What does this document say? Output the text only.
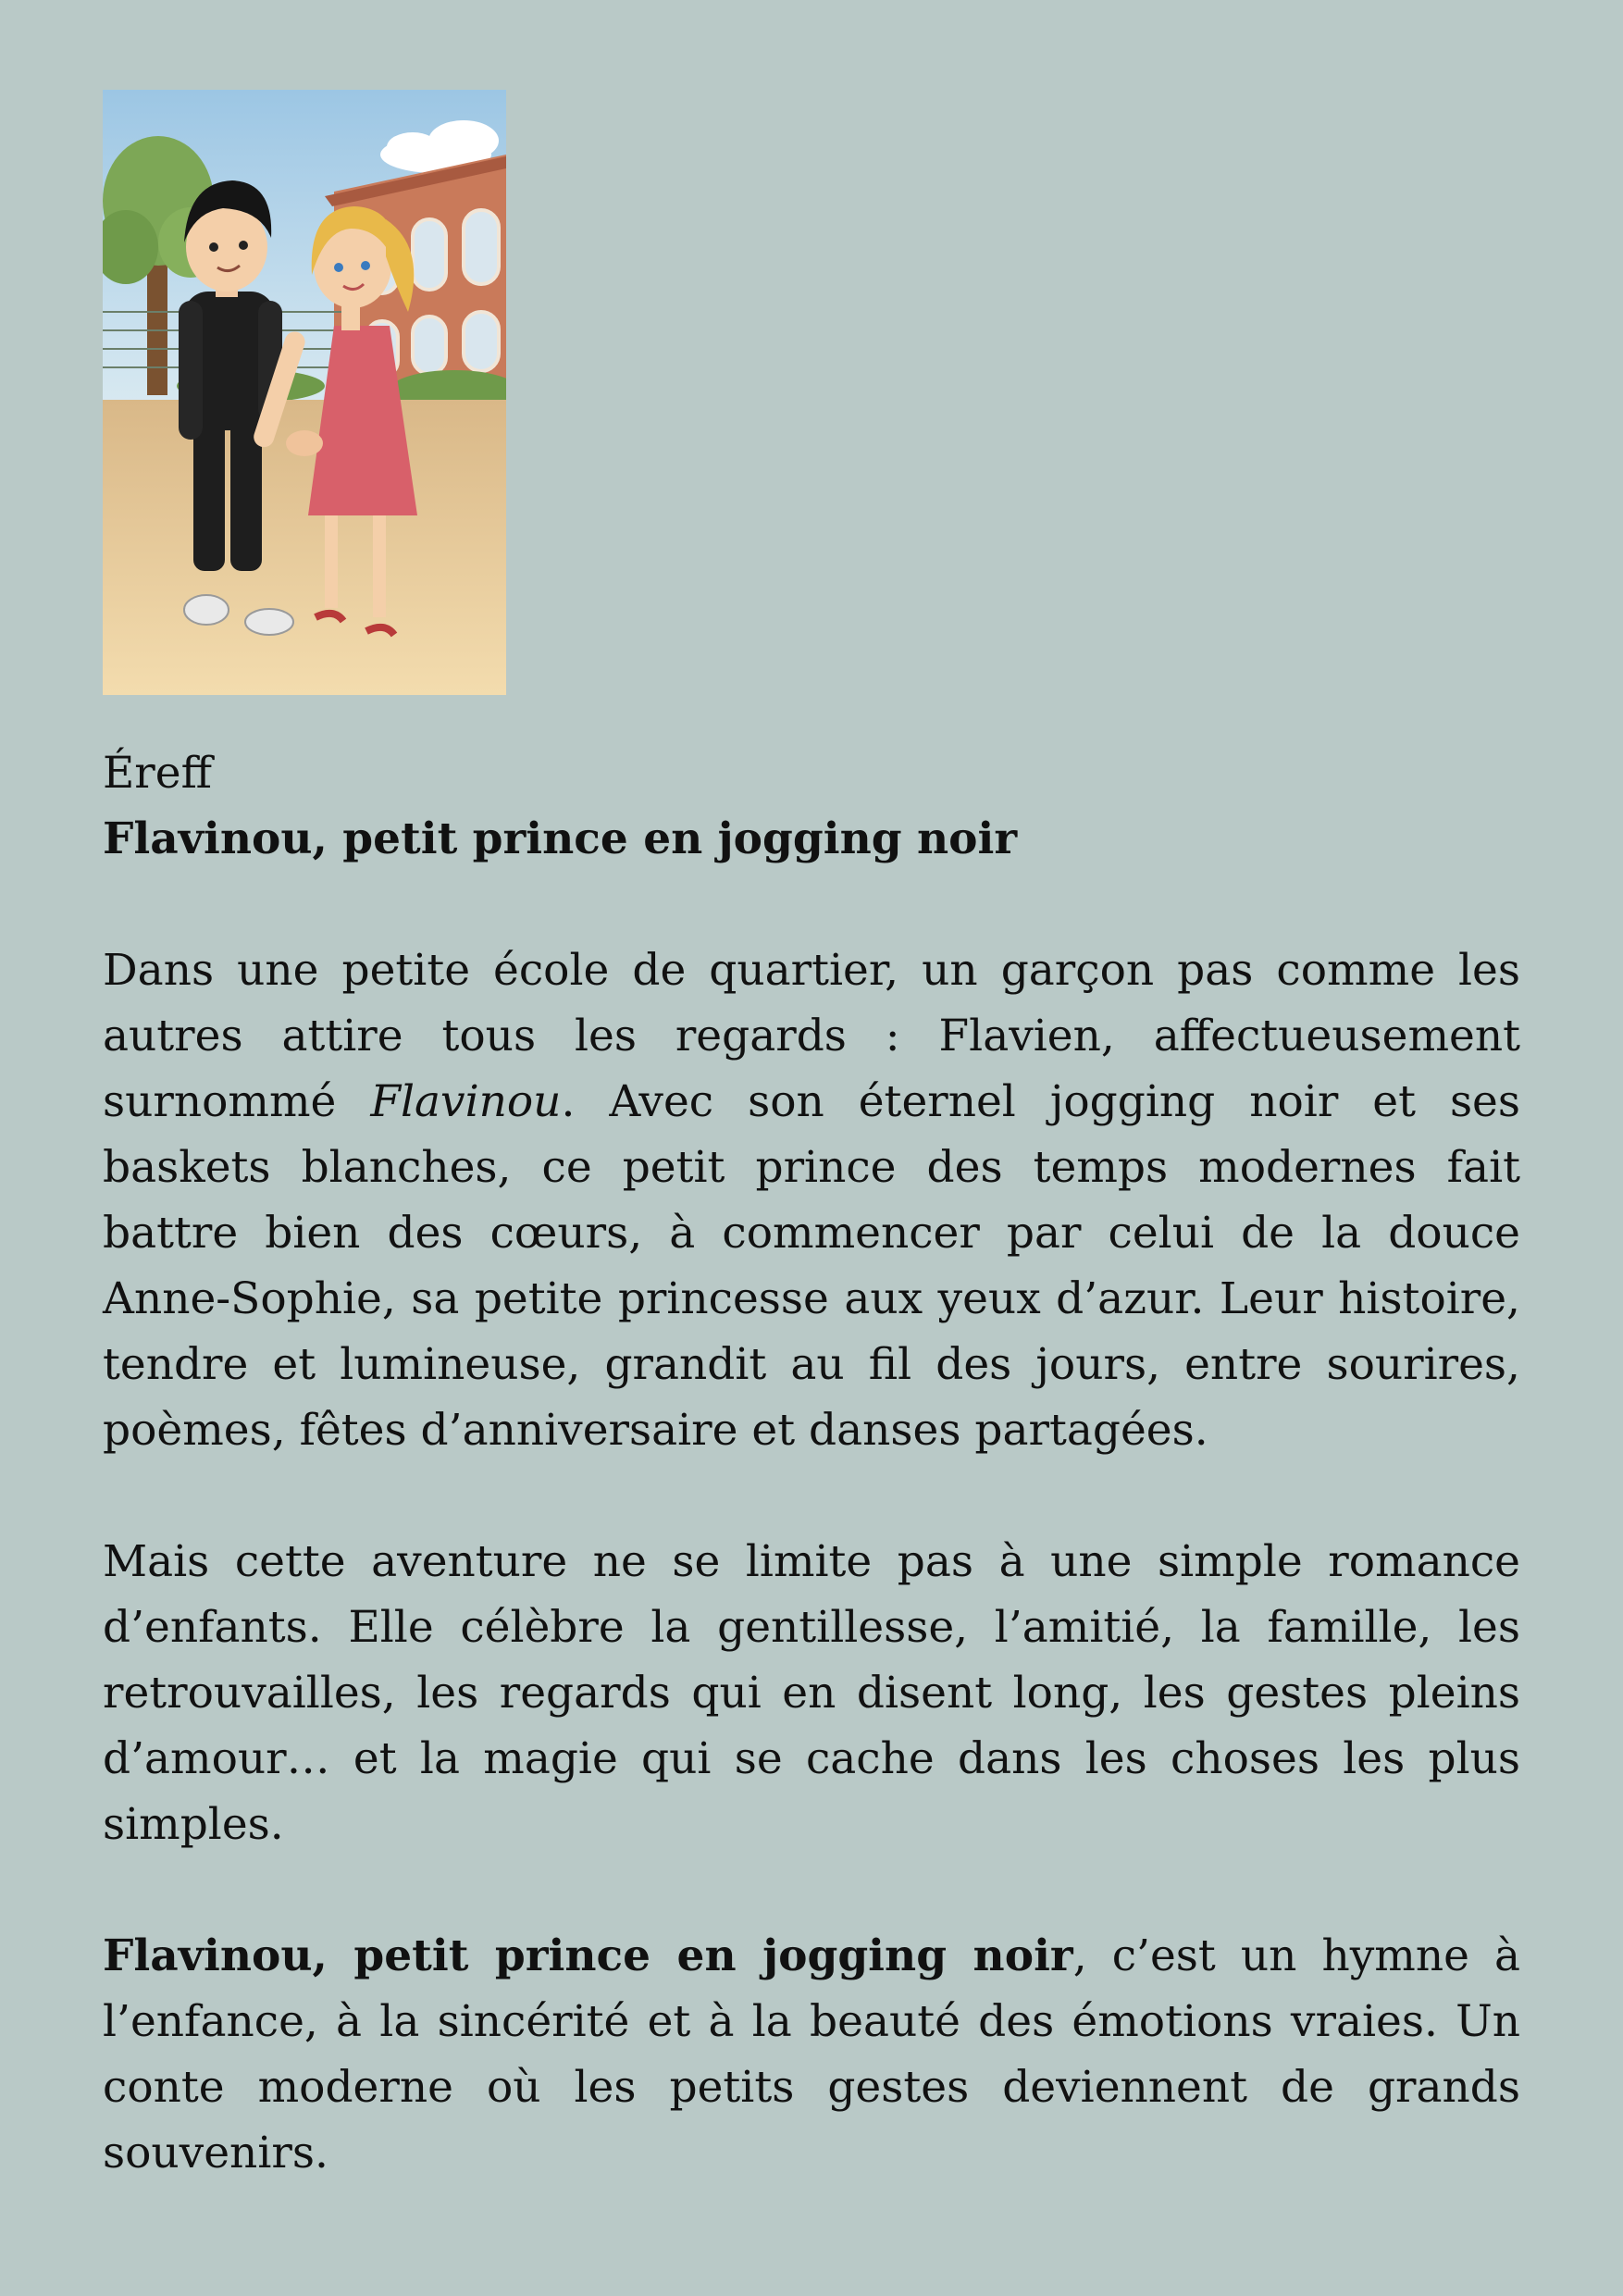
Éreff

Flavinou, petit prince en jogging noir

Dans une petite école de quartier, un garçon pas comme les autres attire tous les regards : Flavien, affectueusement surnommé Flavinou. Avec son éternel jogging noir et ses baskets blanches, ce petit prince des temps modernes fait battre bien des cœurs, à commencer par celui de la douce Anne-Sophie, sa petite princesse aux yeux d’azur. Leur histoire, tendre et lumineuse, grandit au fil des jours, entre sourires, poèmes, fêtes d’anniversaire et danses partagées.

Mais cette aventure ne se limite pas à une simple romance d’enfants. Elle célèbre la gentillesse, l’amitié, la famille, les retrouvailles, les regards qui en disent long, les gestes pleins d’amour… et la magie qui se cache dans les choses les plus simples.

Flavinou, petit prince en jogging noir, c’est un hymne à l’enfance, à la sincérité et à la beauté des émotions vraies. Un conte moderne où les petits gestes deviennent de grands souvenirs.
